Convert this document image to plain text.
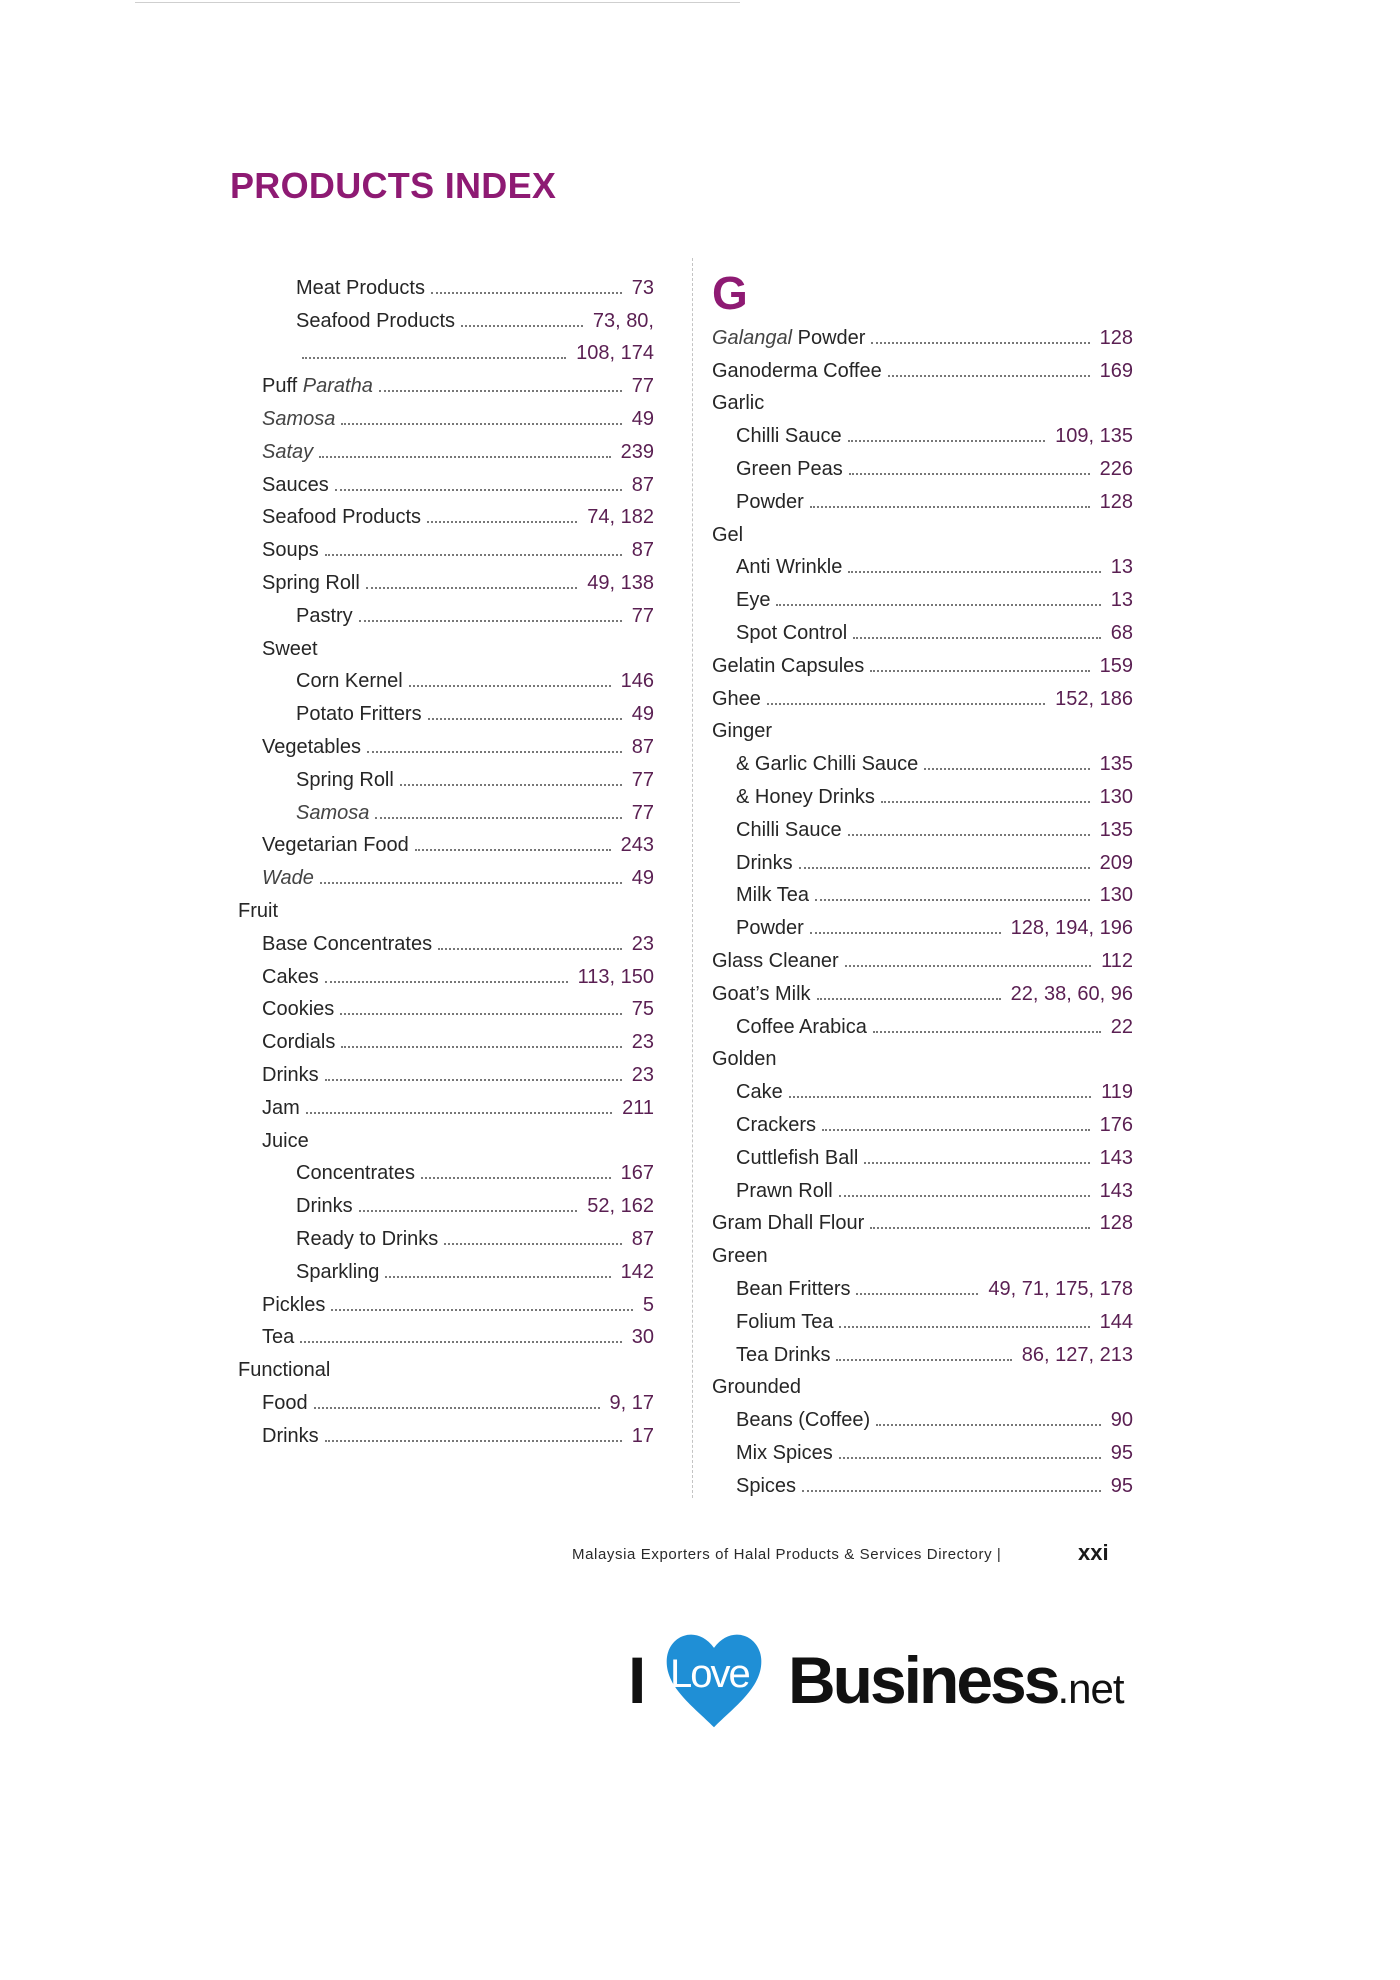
PRODUCTS INDEX
Meat Products	73
Seafood Products	73, 80,
108, 174
Puff Paratha	77
Samosa	49
Satay	239
Sauces	87
Seafood Products	74, 182
Soups	87
Spring Roll	49, 138
Pastry	77
Sweet
Corn Kernel	146
Potato Fritters	49
Vegetables	87
Spring Roll	77
Samosa	77
Vegetarian Food	243
Wade	49
Fruit
Base Concentrates	23
Cakes	113, 150
Cookies	75
Cordials	23
Drinks	23
Jam	211
Juice
Concentrates	167
Drinks	52, 162
Ready to Drinks	87
Sparkling	142
Pickles	5
Tea	30
Functional
Food	9, 17
Drinks	17
G
Galangal Powder	128
Ganoderma Coffee	169
Garlic
Chilli Sauce	109, 135
Green Peas	226
Powder	128
Gel
Anti Wrinkle	13
Eye	13
Spot Control	68
Gelatin Capsules	159
Ghee	152, 186
Ginger
& Garlic Chilli Sauce	135
& Honey Drinks	130
Chilli Sauce	135
Drinks	209
Milk Tea	130
Powder	128, 194, 196
Glass Cleaner	112
Goat’s Milk	22, 38, 60, 96
Coffee Arabica	22
Golden
Cake	119
Crackers	176
Cuttlefish Ball	143
Prawn Roll	143
Gram Dhall Flour	128
Green
Bean Fritters	49, 71, 175, 178
Folium Tea	144
Tea Drinks	86, 127, 213
Grounded
Beans (Coffee)	90
Mix Spices	95
Spices	95
Malaysia Exporters of Halal Products & Services Directory |	xxi
I Love Business.net
